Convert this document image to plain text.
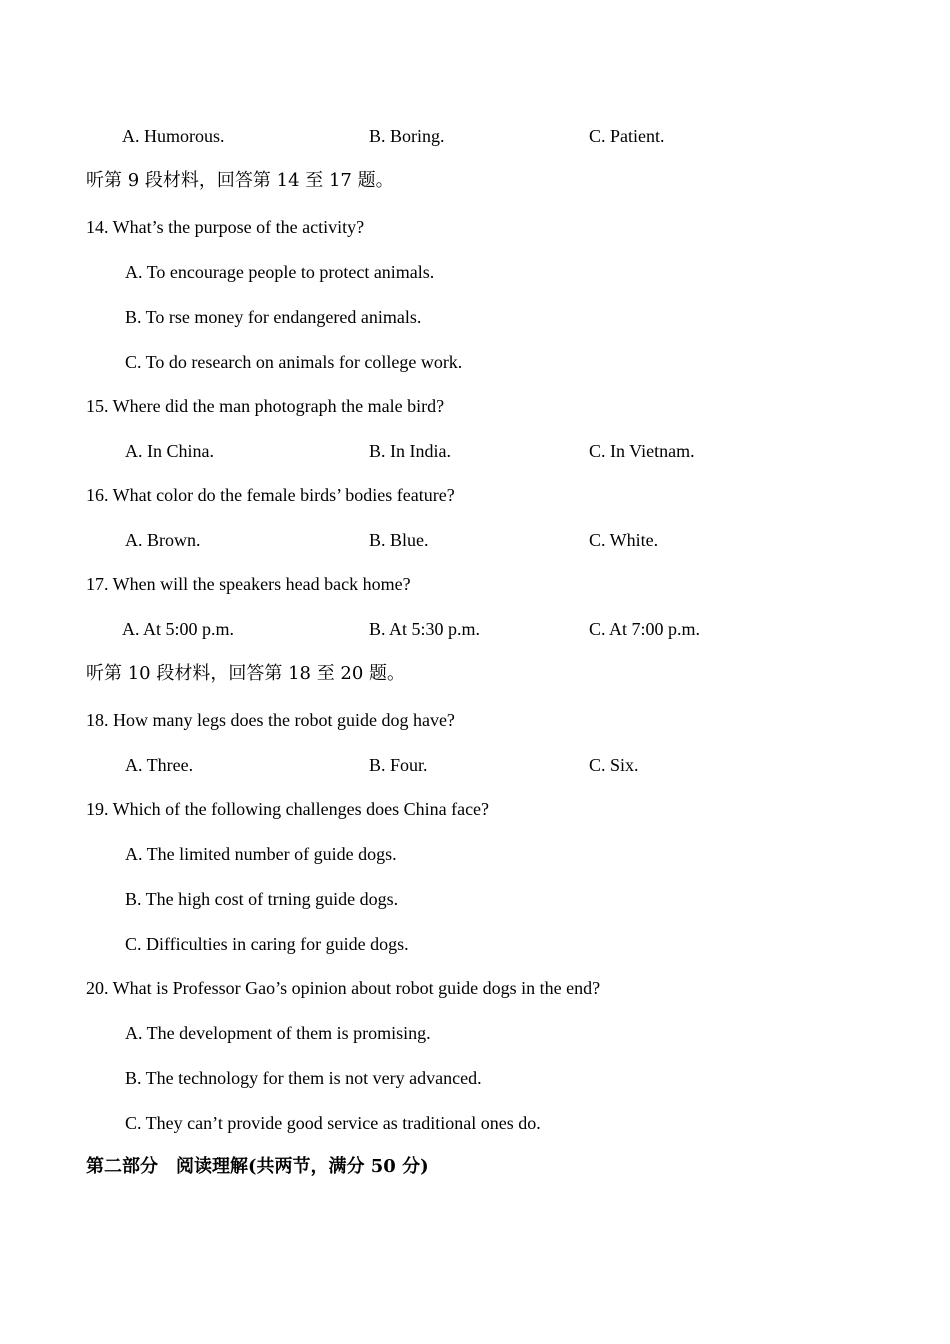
A. Humorous.	B. Boring.	C. Patient.
听第 9 段材料，回答第 14 至 17 题。
14. What’s the purpose of the activity?
A. To encourage people to protect animals.
B. To rse money for endangered animals.
C. To do research on animals for college work.
15. Where did the man photograph the male bird?
A. In China.	B. In India.	C. In Vietnam.
16. What color do the female birds’ bodies feature?
A. Brown.	B. Blue.	C. White.
17. When will the speakers head back home?
A. At 5:00 p.m.	B. At 5:30 p.m.	C. At 7:00 p.m.
听第 10 段材料，回答第 18 至 20 题。
18. How many legs does the robot guide dog have?
A. Three.	B. Four.	C. Six.
19. Which of the following challenges does China face?
A. The limited number of guide dogs.
B. The high cost of trning guide dogs.
C. Difficulties in caring for guide dogs.
20. What is Professor Gao’s opinion about robot guide dogs in the end?
A. The development of them is promising.
B. The technology for them is not very advanced.
C. They can’t provide good service as traditional ones do.
第二部分　阅读理解(共两节，满分 50 分)
